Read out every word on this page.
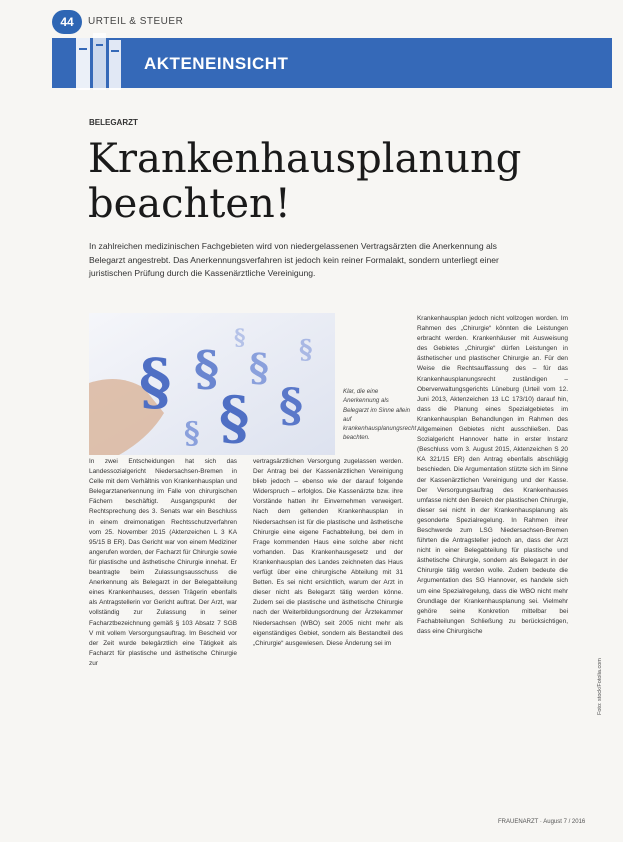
44	URTEIL & STEUER
AKTENEINSICHT
BELEGARZT
Krankenhausplanung
beachten!
In zahlreichen medizinischen Fachgebieten wird von niedergelassenen Vertragsärzten die Anerkennung als Belegarzt angestrebt. Das Anerkennungsverfahren ist jedoch kein reiner Formalakt, sondern unterliegt einer juristischen Prüfung durch die Kassenärztliche Vereinigung.
§ §
§
§
§
§
§
§
Klar, die eine Anerkennung als Belegarzt im Sinne allein auf krankenhausplanungsrecht beachten.

In zwei Entscheidungen hat sich das Landessozialgericht Niedersachsen-Bremen in Celle mit dem Verhältnis von Krankenhausplan und Belegarztanerkennung im Falle von chirurgischen Fächern beschäftigt. Ausgangspunkt der Rechtsprechung des 3. Senats war ein Beschluss in einem dreimonatigen Rechtsschutzverfahren vom 25. November 2015 (Aktenzeichen L 3 KA 95/15 B ER). Das Gericht war von einem Mediziner angerufen worden, der Facharzt für Chirurgie sowie für plastische und ästhetische Chirurgie innehat. Er beantragte beim Zulassungsausschuss die Anerkennung als Belegarzt in der Belegabteilung eines Krankenhauses, dessen Trägerin ebenfalls als Antragstellerin vor Gericht auftrat. Der Arzt, war vollständig zur Zulassung in seiner Facharztbezeichnung gemäß § 103 Absatz 7 SGB V mit vollem Versorgungsauftrag. Im Bescheid vor der Zeit wurde belegärztlich eine Tätigkeit als Facharzt für plastische und ästhetische Chirurgie zur

vertragsärztlichen Versorgung zugelassen werden. Der Antrag bei der Kassenärztlichen Vereinigung blieb jedoch – ebenso wie der darauf folgende Widerspruch – erfolglos. Die Kassenärzte bzw. ihre Vorstände hatten ihr Einvernehmen verweigert. Nach dem geltenden Krankenhausplan in Niedersachsen ist für die plastische und ästhetische Chirurgie eine eigene Fachabteilung, bei dem in Frage kommenden Haus eine solche aber nicht vorhanden. Das Krankenhausgesetz und der Krankenhausplan des Landes zeichneten das Haus verfügt über eine chirurgische Abteilung mit 31 Betten. Es sei nicht ersichtlich, warum der Arzt in dieser nicht als Belegarzt tätig werden könne. Zudem sei die plastische und ästhetische Chirurgie nach der Weiterbildungsordnung der Ärztekammer Niedersachsen (WBO) seit 2005 nicht mehr als eigenständiges Gebiet, sondern als Bestandteil des „Chirurgie“ ausgewiesen. Diese Änderung sei im

Krankenhausplan jedoch nicht vollzogen worden. Im Rahmen des „Chirurgie“ könnten die Leistungen erbracht werden. Krankenhäuser mit Ausweisung des Gebietes „Chirurgie“ dürfen Leistungen in ästhetischer und plastischer Chirurgie an. Für den Weise die Rechtsauffassung des – für das Krankenhausplanungsrecht zuständigen – Oberverwaltungsgerichts Lüneburg (Urteil vom 12. Juni 2013, Aktenzeichen 13 LC 173/10) darauf hin, dass die Planung eines Spezialgebietes im Krankenhausplan Behandlungen im Rahmen des Allgemeinen Gebietes nicht ausschließen. Das Sozialgericht Hannover hatte in erster Instanz (Beschluss vom 3. August 2015, Aktenzeichen S 20 KA 321/15 ER) den Antrag ebenfalls abschlägig beschieden. Die Argumentation stützte sich im Sinne der Kassenärztlichen Vereinigung und der Kasse. Der Versorgungsauftrag des Krankenhauses umfasse nicht den Bereich der plastischen Chirurgie, dieser sei nicht in der Krankenhausplanung als gesonderte Spezialregelung. In Rahmen ihrer Beschwerde zum LSG Niedersachsen-Bremen führten die Antragsteller jedoch an, dass der Arzt nicht in einer Belegabteilung für plastische und ästhetische Chirurgie, sondern als Belegarzt in der Chirurgie tätig werden wolle. Zudem bedeute die Argumentation des SG Hannover, es handele sich um eine Spezialregelung, dass die WBO nicht mehr Grundlage der Krankenhausplanung sei. Vielmehr gehöre seine Konkretion mittelbar bei Fachabteilungen Schließung zu berücksichtigen, dass eine Chirurgische

Foto: stock/Fotolia.com
FRAUENARZT · August 7 / 2016
